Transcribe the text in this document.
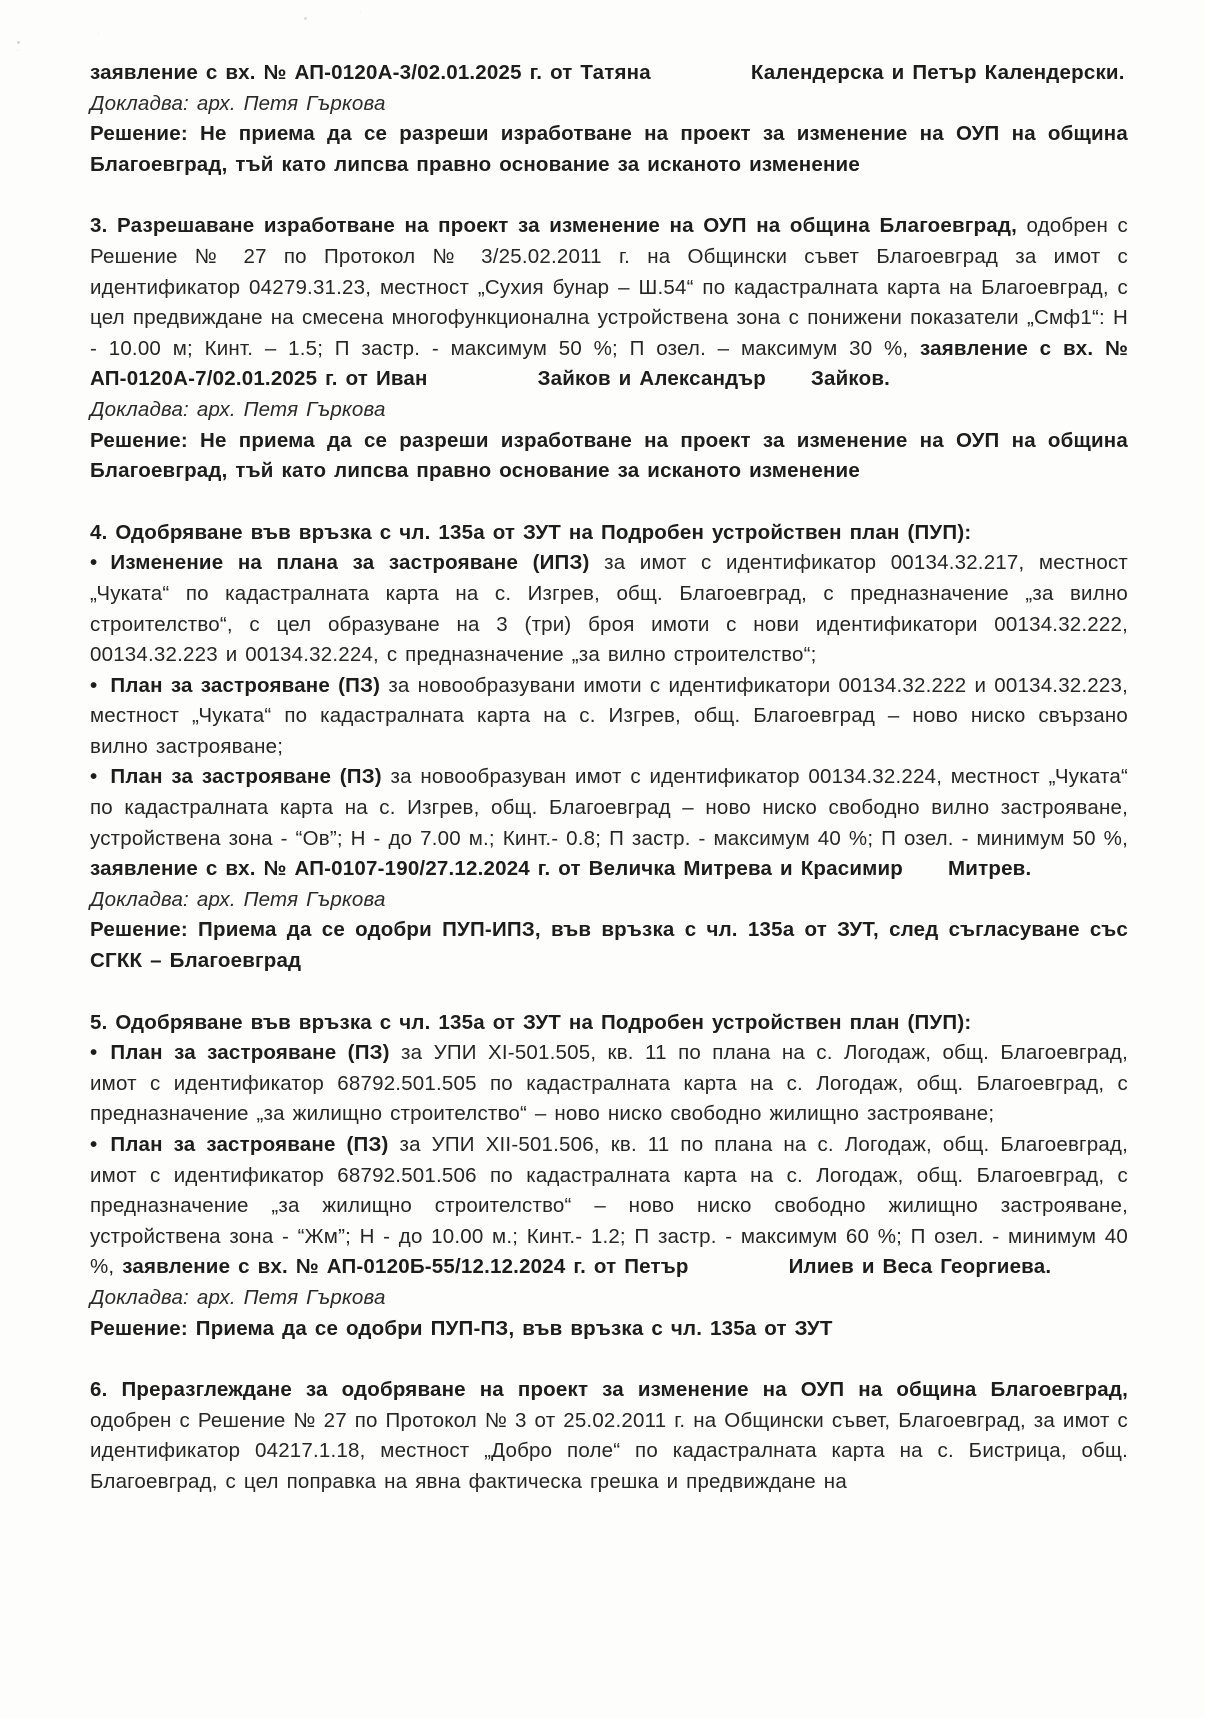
заявление с вх. № АП-0120А-3/02.01.2025 г. от Татяна	Календерска и Петър Календерски.

Докладва: арх. Петя Гъркова

Решение: Не приема да се разреши изработване на проект за изменение на ОУП на община Благоевград, тъй като липсва правно основание за исканото изменение

3. Разрешаване изработване на проект за изменение на ОУП на община Благоевград, одобрен с Решение № 27 по Протокол № 3/25.02.2011 г. на Общински съвет Благоевград за имот с идентификатор 04279.31.23, местност „Сухия бунар – Ш.54“ по кадастралната карта на Благоевград, с цел предвиждане на смесена многофункционална устройствена зона с понижени показатели „Смф1“: Н - 10.00 м; Кинт. – 1.5; П застр. - максимум 50 %; П озел. – максимум 30 %, заявление с вх. № АП-0120А-7/02.01.2025 г. от Иван	Зайков и Александър Зайков.

Докладва: арх. Петя Гъркова

Решение: Не приема да се разреши изработване на проект за изменение на ОУП на община Благоевград, тъй като липсва правно основание за исканото изменение

4. Одобряване във връзка с чл. 135а от ЗУТ на Подробен устройствен план (ПУП):

• Изменение на плана за застрояване (ИПЗ) за имот с идентификатор 00134.32.217, местност „Чуката“ по кадастралната карта на с. Изгрев, общ. Благоевград, с предназначение „за вилно строителство“, с цел образуване на 3 (три) броя имоти с нови идентификатори 00134.32.222, 00134.32.223 и 00134.32.224, с предназначение „за вилно строителство“;

• План за застрояване (ПЗ) за новообразувани имоти с идентификатори 00134.32.222 и 00134.32.223, местност „Чуката“ по кадастралната карта на с. Изгрев, общ. Благоевград – ново ниско свързано вилно застрояване;

• План за застрояване (ПЗ) за новообразуван имот с идентификатор 00134.32.224, местност „Чуката“ по кадастралната карта на с. Изгрев, общ. Благоевград – ново ниско свободно вилно застрояване, устройствена зона - “Ов”; Н - до 7.00 м.; Кинт.- 0.8; П застр. - максимум 40 %; П озел. - минимум 50 %, заявление с вх. № АП-0107-190/27.12.2024 г. от Величка Митрева и Красимир Митрев.

Докладва: арх. Петя Гъркова

Решение: Приема да се одобри ПУП-ИПЗ, във връзка с чл. 135а от ЗУТ, след съгласуване със СГКК – Благоевград

5. Одобряване във връзка с чл. 135а от ЗУТ на Подробен устройствен план (ПУП):

• План за застрояване (ПЗ) за УПИ XI-501.505, кв. 11 по плана на с. Логодаж, общ. Благоевград, имот с идентификатор 68792.501.505 по кадастралната карта на с. Логодаж, общ. Благоевград, с предназначение „за жилищно строителство“ – ново ниско свободно жилищно застрояване;

• План за застрояване (ПЗ) за УПИ XII-501.506, кв. 11 по плана на с. Логодаж, общ. Благоевград, имот с идентификатор 68792.501.506 по кадастралната карта на с. Логодаж, общ. Благоевград, с предназначение „за жилищно строителство“ – ново ниско свободно жилищно застрояване, устройствена зона - “Жм”; Н - до 10.00 м.; Кинт.- 1.2; П застр. - максимум 60 %; П озел. - минимум 40 %, заявление с вх. № АП-0120Б-55/12.12.2024 г. от Петър	Илиев и Веса Георгиева.

Докладва: арх. Петя Гъркова

Решение: Приема да се одобри ПУП-ПЗ, във връзка с чл. 135а от ЗУТ

6. Преразглеждане за одобряване на проект за изменение на ОУП на община Благоевград, одобрен с Решение № 27 по Протокол № 3 от 25.02.2011 г. на Общински съвет, Благоевград, за имот с идентификатор 04217.1.18, местност „Добро поле“ по кадастралната карта на с. Бистрица, общ. Благоевград, с цел поправка на явна фактическа грешка и предвиждане на
